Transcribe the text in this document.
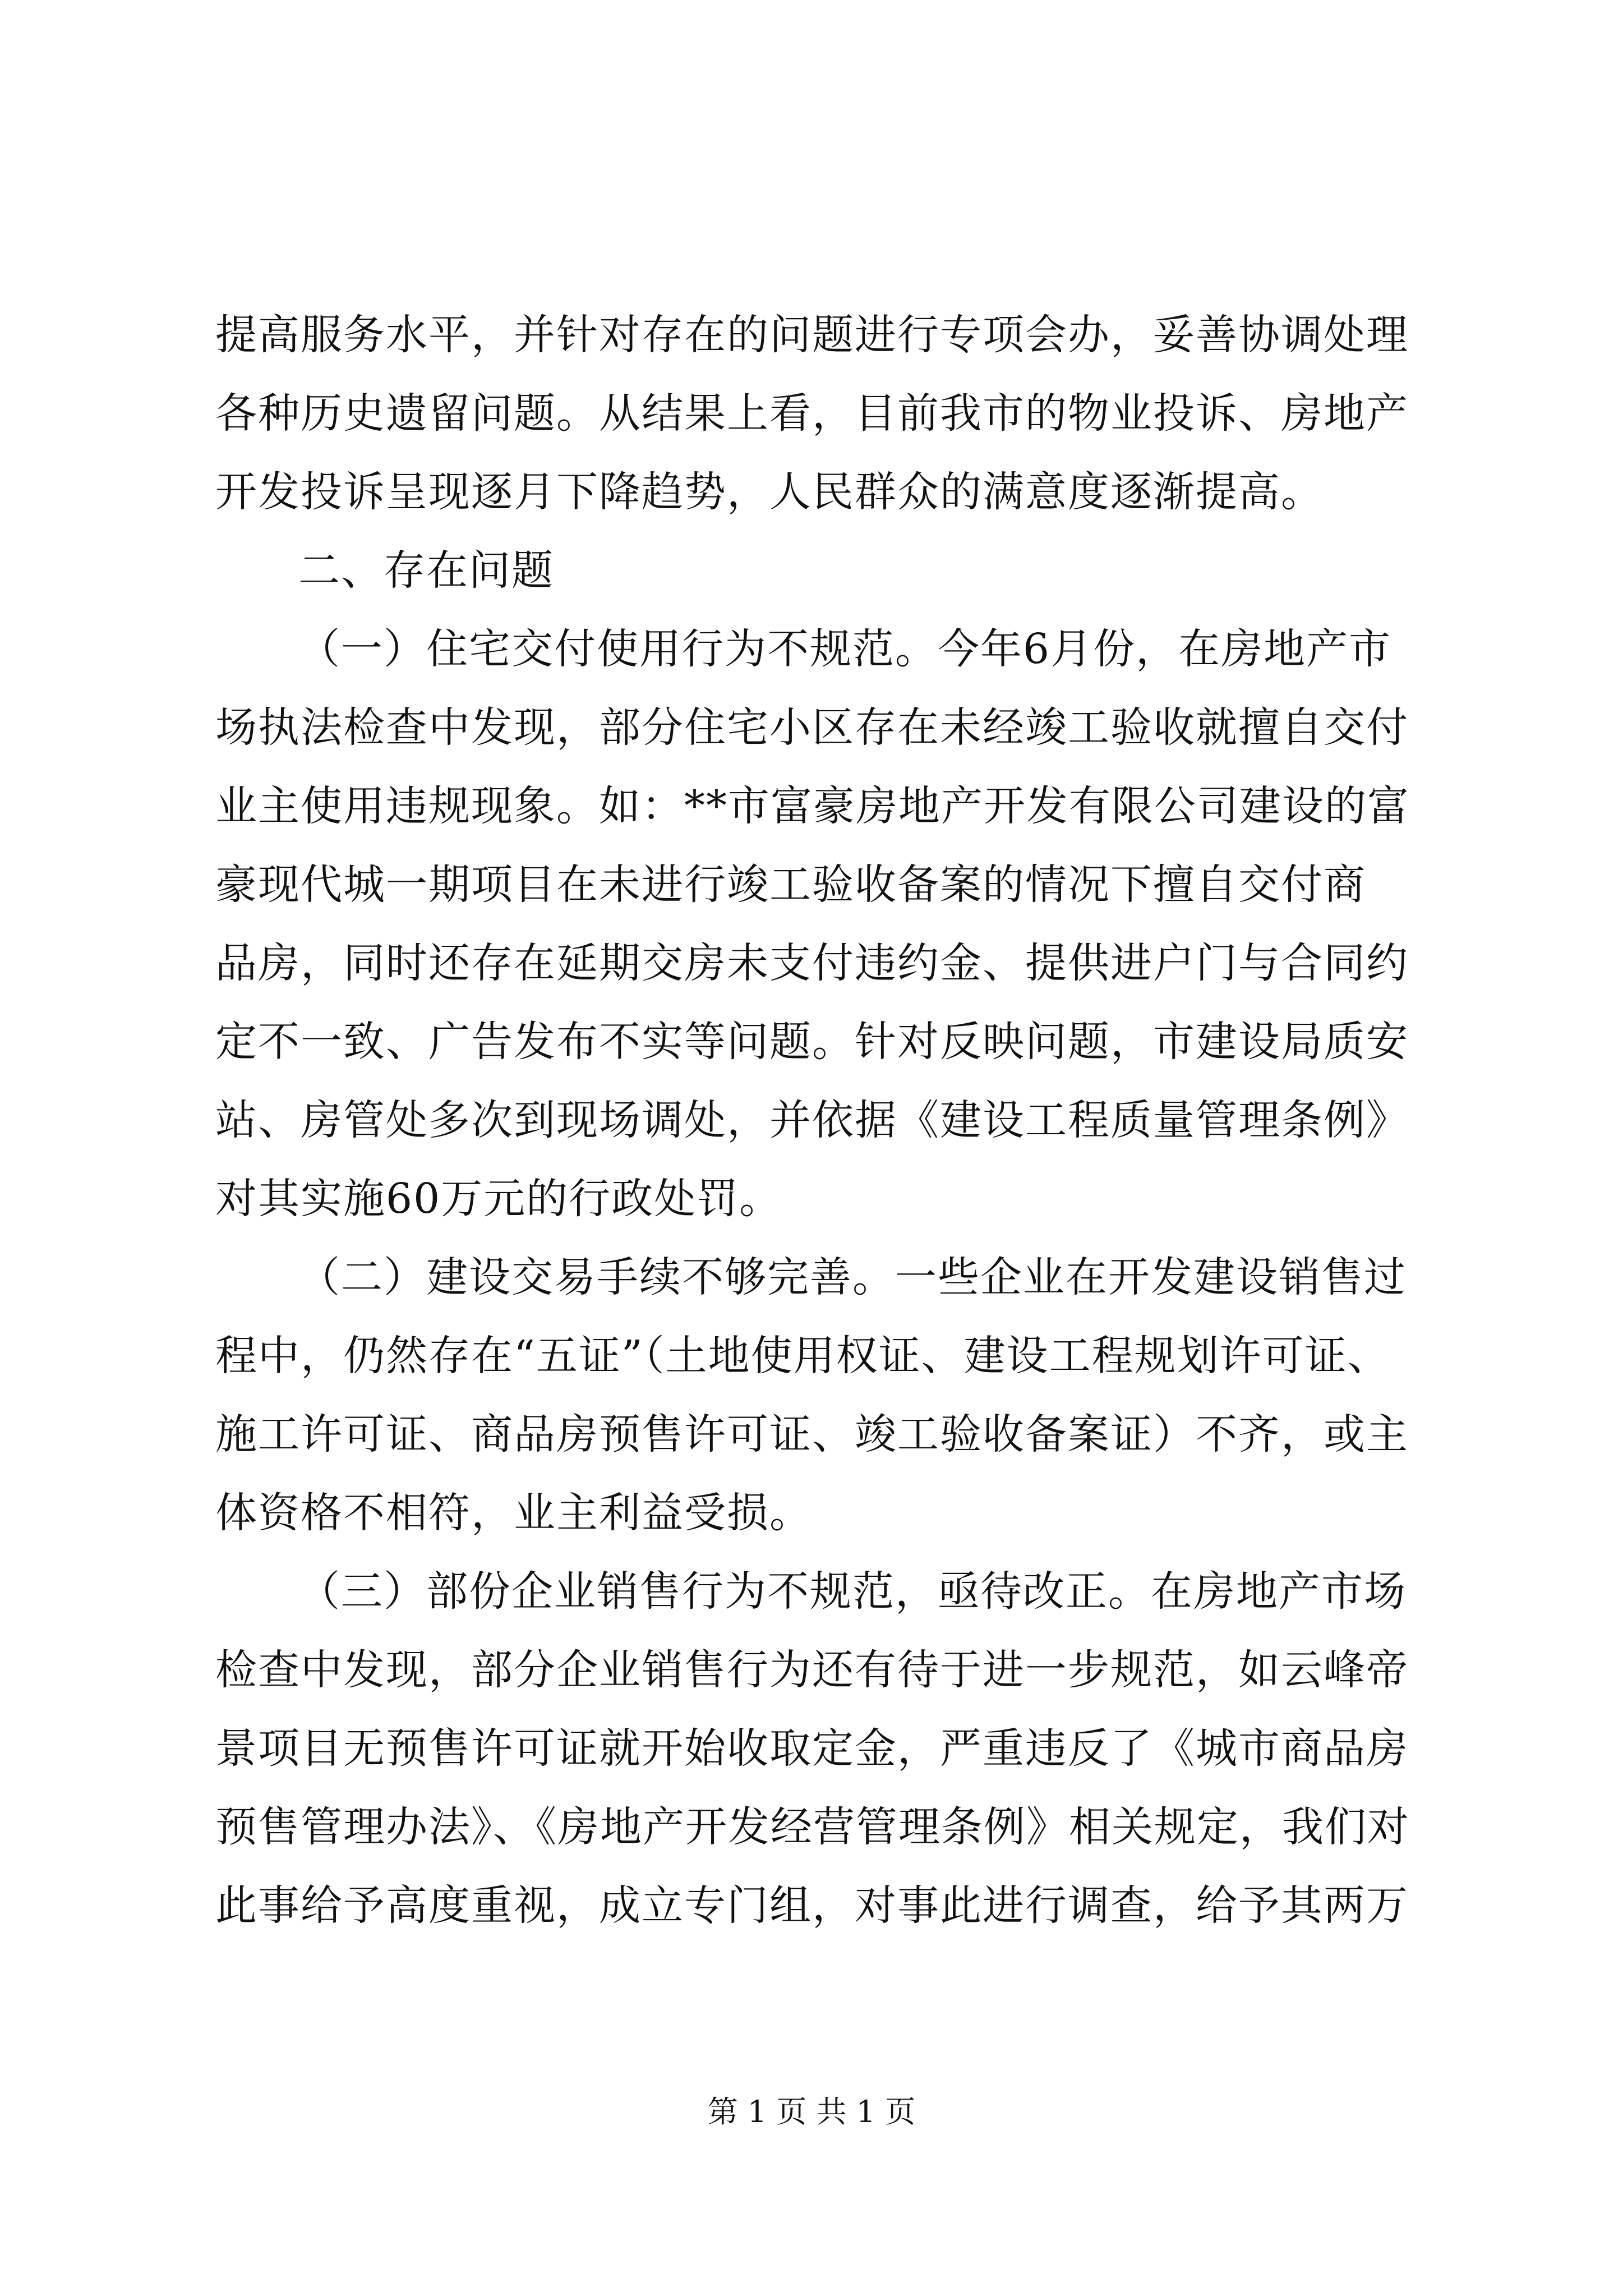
提高服务水平，并针对存在的问题进行专项会办，妥善协调处理
各种历史遗留问题。从结果上看，目前我市的物业投诉、房地产
开发投诉呈现逐月下降趋势，人民群众的满意度逐渐提高。
二、存在问题
（一）住宅交付使用行为不规范。今年6月份，在房地产市
场执法检查中发现，部分住宅小区存在未经竣工验收就擅自交付
业主使用违规现象。如：**市富豪房地产开发有限公司建设的富
豪现代城一期项目在未进行竣工验收备案的情况下擅自交付商
品房，同时还存在延期交房未支付违约金、提供进户门与合同约
定不一致、广告发布不实等问题。针对反映问题，市建设局质安
站、房管处多次到现场调处，并依据《建设工程质量管理条例》
对其实施60万元的行政处罚。
（二）建设交易手续不够完善。一些企业在开发建设销售过
程中，仍然存在“五证”（土地使用权证、建设工程规划许可证、
施工许可证、商品房预售许可证、竣工验收备案证）不齐，或主
体资格不相符，业主利益受损。
（三）部份企业销售行为不规范，亟待改正。在房地产市场
检查中发现，部分企业销售行为还有待于进一步规范，如云峰帝
景项目无预售许可证就开始收取定金，严重违反了《城市商品房
预售管理办法》、《房地产开发经营管理条例》相关规定，我们对
此事给予高度重视，成立专门组，对事此进行调查，给予其两万
第 1 页 共 1 页
